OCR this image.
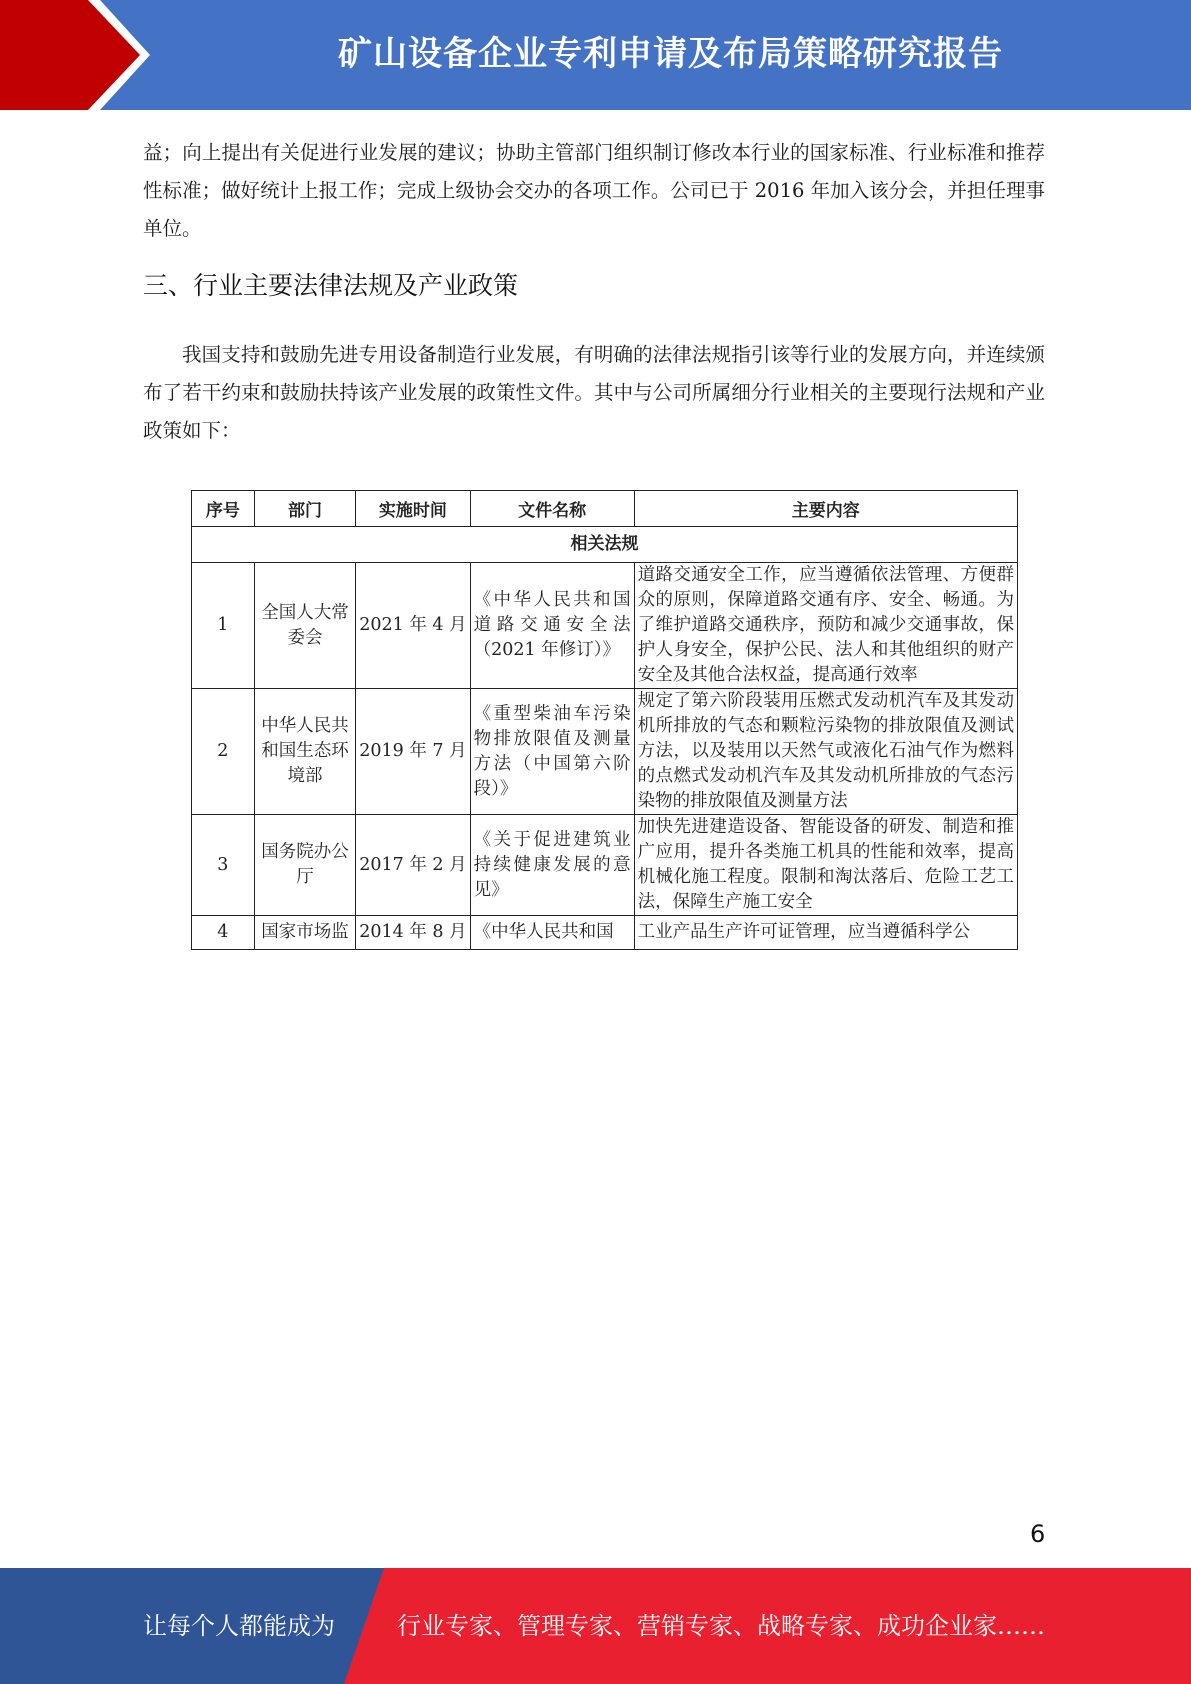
矿山设备企业专利申请及布局策略研究报告
益；向上提出有关促进行业发展的建议；协助主管部门组织制订修改本行业的国家标准、行业标准和推荐性标准；做好统计上报工作；完成上级协会交办的各项工作。公司已于 2016 年加入该分会，并担任理事单位。
三、行业主要法律法规及产业政策
我国支持和鼓励先进专用设备制造行业发展，有明确的法律法规指引该等行业的发展方向，并连续颁布了若干约束和鼓励扶持该产业发展的政策性文件。其中与公司所属细分行业相关的主要现行法规和产业政策如下：
序号	部门	实施时间	文件名称	主要内容
相关法规				
1	全国人大常委会	2021 年 4 月	《中华人民共和国道路交通安全法（2021 年修订）》	道路交通安全工作，应当遵循依法管理、方便群众的原则，保障道路交通有序、安全、畅通。为了维护道路交通秩序，预防和减少交通事故，保护人身安全，保护公民、法人和其他组织的财产安全及其他合法权益，提高通行效率
2	中华人民共和国生态环境部	2019 年 7 月	《重型柴油车污染物排放限值及测量方法（中国第六阶段）》	规定了第六阶段装用压燃式发动机汽车及其发动机所排放的气态和颗粒污染物的排放限值及测试方法，以及装用以天然气或液化石油气作为燃料的点燃式发动机汽车及其发动机所排放的气态污染物的排放限值及测量方法
3	国务院办公厅	2017 年 2 月	《关于促进建筑业持续健康发展的意见》	加快先进建造设备、智能设备的研发、制造和推广应用，提升各类施工机具的性能和效率，提高机械化施工程度。限制和淘汰落后、危险工艺工法，保障生产施工安全
4	国家市场监	2014 年 8 月	《中华人民共和国	工业产品生产许可证管理，应当遵循科学公
6
让每个人都能成为	行业专家、管理专家、营销专家、战略专家、成功企业家……
